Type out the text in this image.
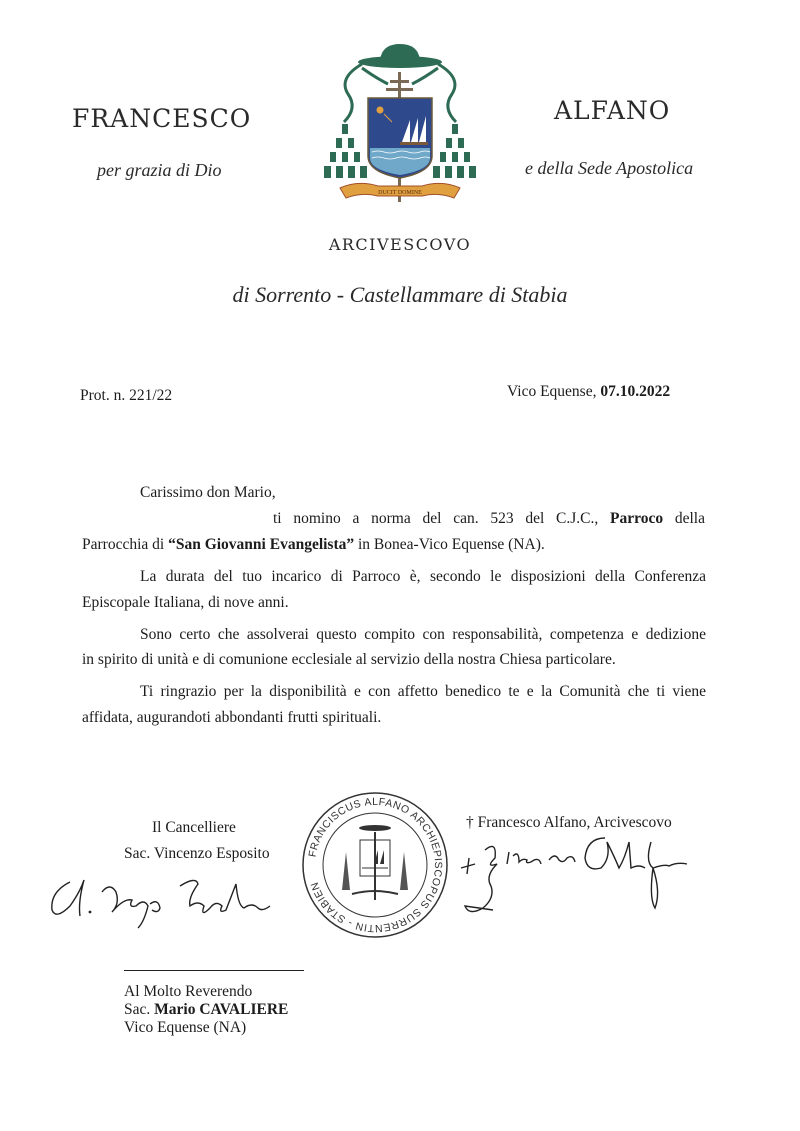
FRANCESCO	ALFANO
per grazia di Dio	e della Sede Apostolica
DUCIT DOMINE
ARCIVESCOVO
di Sorrento - Castellammare di Stabia
Prot. n. 221/22	Vico Equense, 07.10.2022
Carissimo don Mario,
ti nomino a norma del can. 523 del C.J.C., Parroco della
Parrocchia di “San Giovanni Evangelista” in Bonea-Vico Equense (NA).
La durata del tuo incarico di Parroco è, secondo le disposizioni della Conferenza
Episcopale Italiana, di nove anni.
Sono certo che assolverai questo compito con responsabilità, competenza e dedizione
in spirito di unità e di comunione ecclesiale al servizio della nostra Chiesa particolare.
Ti ringrazio per la disponibilità e con affetto benedico te e la Comunità che ti viene
affidata, augurandoti abbondanti frutti spirituali.
Il Cancelliere
Sac. Vincenzo Esposito	FRANCISCUS ALFANO ARCHIEPISCOPUS SURRENTIN - STABIEN
† Francesco Alfano, Arcivescovo
Al Molto Reverendo
Sac. Mario CAVALIERE
Vico Equense (NA)
